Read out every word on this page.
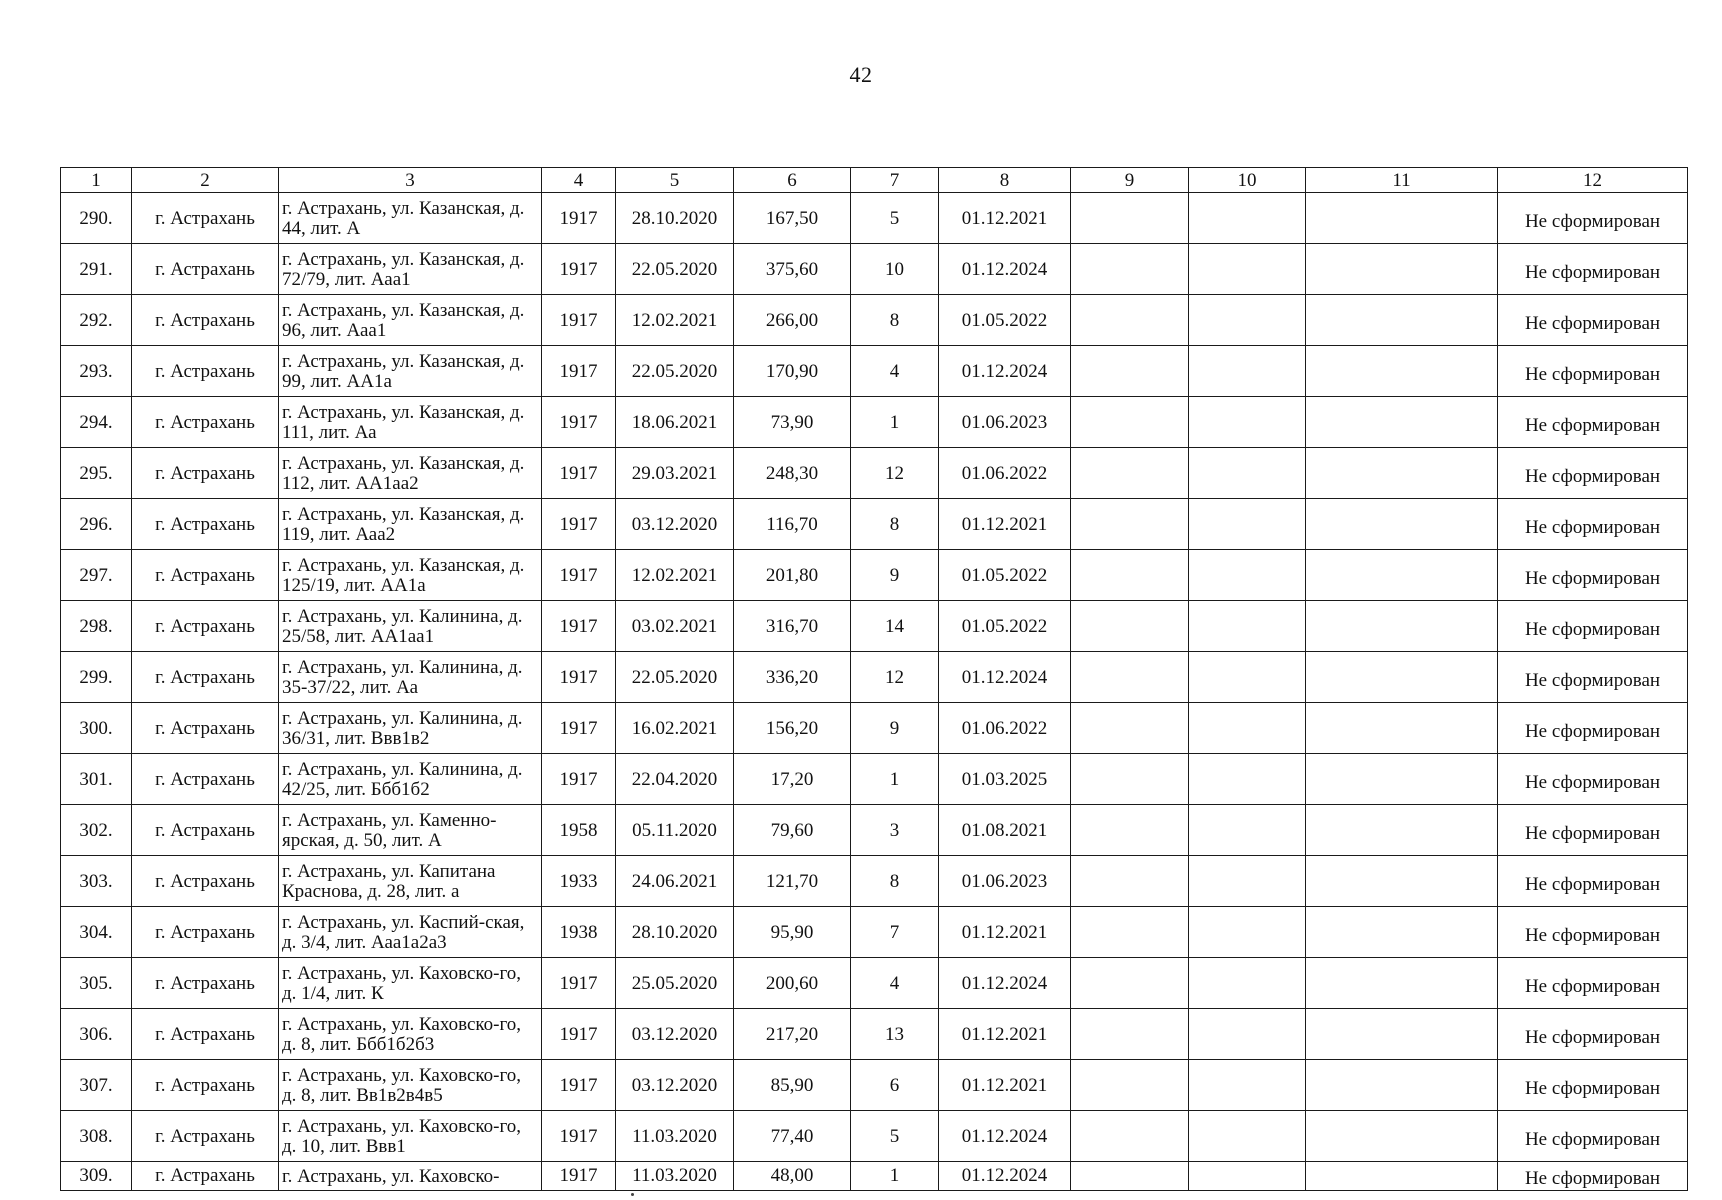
42
1	2	3	4	5	6	7	8	9	10	11	12
290.	г. Астрахань	г. Астрахань, ул. Казанская, д. 44, лит. А	1917	28.10.2020	167,50	5	01.12.2021				Не сформирован
291.	г. Астрахань	г. Астрахань, ул. Казанская, д. 72/79, лит. Ааа1	1917	22.05.2020	375,60	10	01.12.2024				Не сформирован
292.	г. Астрахань	г. Астрахань, ул. Казанская, д. 96, лит. Ааа1	1917	12.02.2021	266,00	8	01.05.2022				Не сформирован
293.	г. Астрахань	г. Астрахань, ул. Казанская, д. 99, лит. АА1а	1917	22.05.2020	170,90	4	01.12.2024				Не сформирован
294.	г. Астрахань	г. Астрахань, ул. Казанская, д. 111, лит. Аа	1917	18.06.2021	73,90	1	01.06.2023				Не сформирован
295.	г. Астрахань	г. Астрахань, ул. Казанская, д. 112, лит. АА1аа2	1917	29.03.2021	248,30	12	01.06.2022				Не сформирован
296.	г. Астрахань	г. Астрахань, ул. Казанская, д. 119, лит. Ааа2	1917	03.12.2020	116,70	8	01.12.2021				Не сформирован
297.	г. Астрахань	г. Астрахань, ул. Казанская, д. 125/19, лит. АА1а	1917	12.02.2021	201,80	9	01.05.2022				Не сформирован
298.	г. Астрахань	г. Астрахань, ул. Калинина, д. 25/58, лит. АА1аа1	1917	03.02.2021	316,70	14	01.05.2022				Не сформирован
299.	г. Астрахань	г. Астрахань, ул. Калинина, д. 35-37/22, лит. Аа	1917	22.05.2020	336,20	12	01.12.2024				Не сформирован
300.	г. Астрахань	г. Астрахань, ул. Калинина, д. 36/31, лит. Ввв1в2	1917	16.02.2021	156,20	9	01.06.2022				Не сформирован
301.	г. Астрахань	г. Астрахань, ул. Калинина, д. 42/25, лит. Ббб1б2	1917	22.04.2020	17,20	1	01.03.2025				Не сформирован
302.	г. Астрахань	г. Астрахань, ул. Каменно-ярская, д. 50, лит. А	1958	05.11.2020	79,60	3	01.08.2021				Не сформирован
303.	г. Астрахань	г. Астрахань, ул. Капитана Краснова, д. 28, лит. а	1933	24.06.2021	121,70	8	01.06.2023				Не сформирован
304.	г. Астрахань	г. Астрахань, ул. Каспий-ская, д. 3/4, лит. Ааа1а2а3	1938	28.10.2020	95,90	7	01.12.2021				Не сформирован
305.	г. Астрахань	г. Астрахань, ул. Каховско-го, д. 1/4, лит. К	1917	25.05.2020	200,60	4	01.12.2024				Не сформирован
306.	г. Астрахань	г. Астрахань, ул. Каховско-го, д. 8, лит. Ббб1б2б3	1917	03.12.2020	217,20	13	01.12.2021				Не сформирован
307.	г. Астрахань	г. Астрахань, ул. Каховско-го, д. 8, лит. Вв1в2в4в5	1917	03.12.2020	85,90	6	01.12.2021				Не сформирован
308.	г. Астрахань	г. Астрахань, ул. Каховско-го, д. 10, лит. Ввв1	1917	11.03.2020	77,40	5	01.12.2024				Не сформирован
309.	г. Астрахань	г. Астрахань, ул. Каховско-	1917	11.03.2020	48,00	1	01.12.2024				Не сформирован
